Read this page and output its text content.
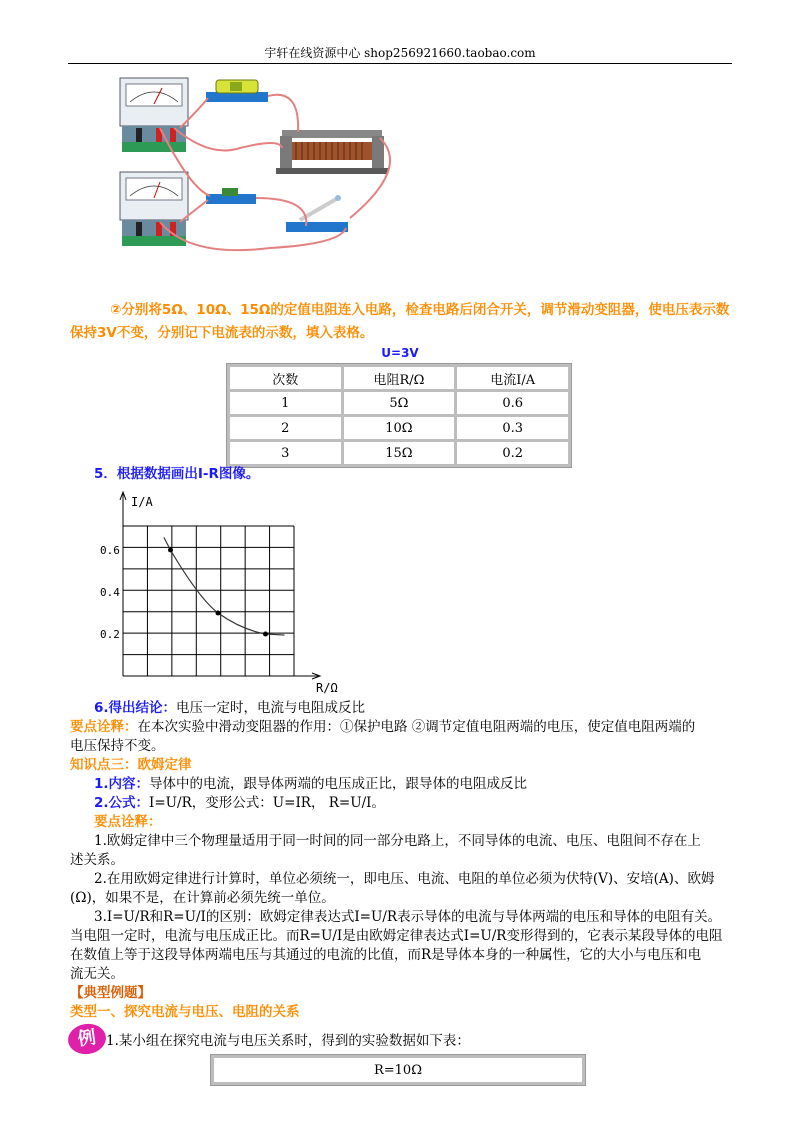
宇轩在线资源中心 shop256921660.taobao.com
②分别将5Ω、10Ω、15Ω的定值电阻连入电路，检查电路后闭合开关，调节滑动变阻器，使电压表示数
保持3V不变，分别记下电流表的示数，填入表格。
U=3V
次数	电阻R/Ω	电流I/A
1	5Ω	0.6
2	10Ω	0.3
3	15Ω	0.2
5．根据数据画出I-R图像。
I/A
R/Ω
0.6
0.4
0.2
6.得出结论：电压一定时，电流与电阻成反比
要点诠释：在本次实验中滑动变阻器的作用：①保护电路 ②调节定值电阻两端的电压，使定值电阻两端的
电压保持不变。
知识点三：欧姆定律
1.内容：导体中的电流，跟导体两端的电压成正比，跟导体的电阻成反比
2.公式：I=U/R，变形公式：U=IR， R=U/I。
要点诠释：
1.欧姆定律中三个物理量适用于同一时间的同一部分电路上，不同导体的电流、电压、电阻间不存在上
述关系。
2.在用欧姆定律进行计算时，单位必须统一，即电压、电流、电阻的单位必须为伏特(V)、安培(A)、欧姆
(Ω)，如果不是，在计算前必须先统一单位。
3.I=U/R和R=U/I的区别：欧姆定律表达式I=U/R表示导体的电流与导体两端的电压和导体的电阻有关。
当电阻一定时，电流与电压成正比。而R=U/I是由欧姆定律表达式I=U/R变形得到的，它表示某段导体的电阻
在数值上等于这段导体两端电压与其通过的电流的比值，而R是导体本身的一种属性，它的大小与电压和电
流无关。
【典型例题】
类型一、探究电流与电压、电阻的关系
例 1.某小组在探究电流与电压关系时，得到的实验数据如下表：
R=10Ω
